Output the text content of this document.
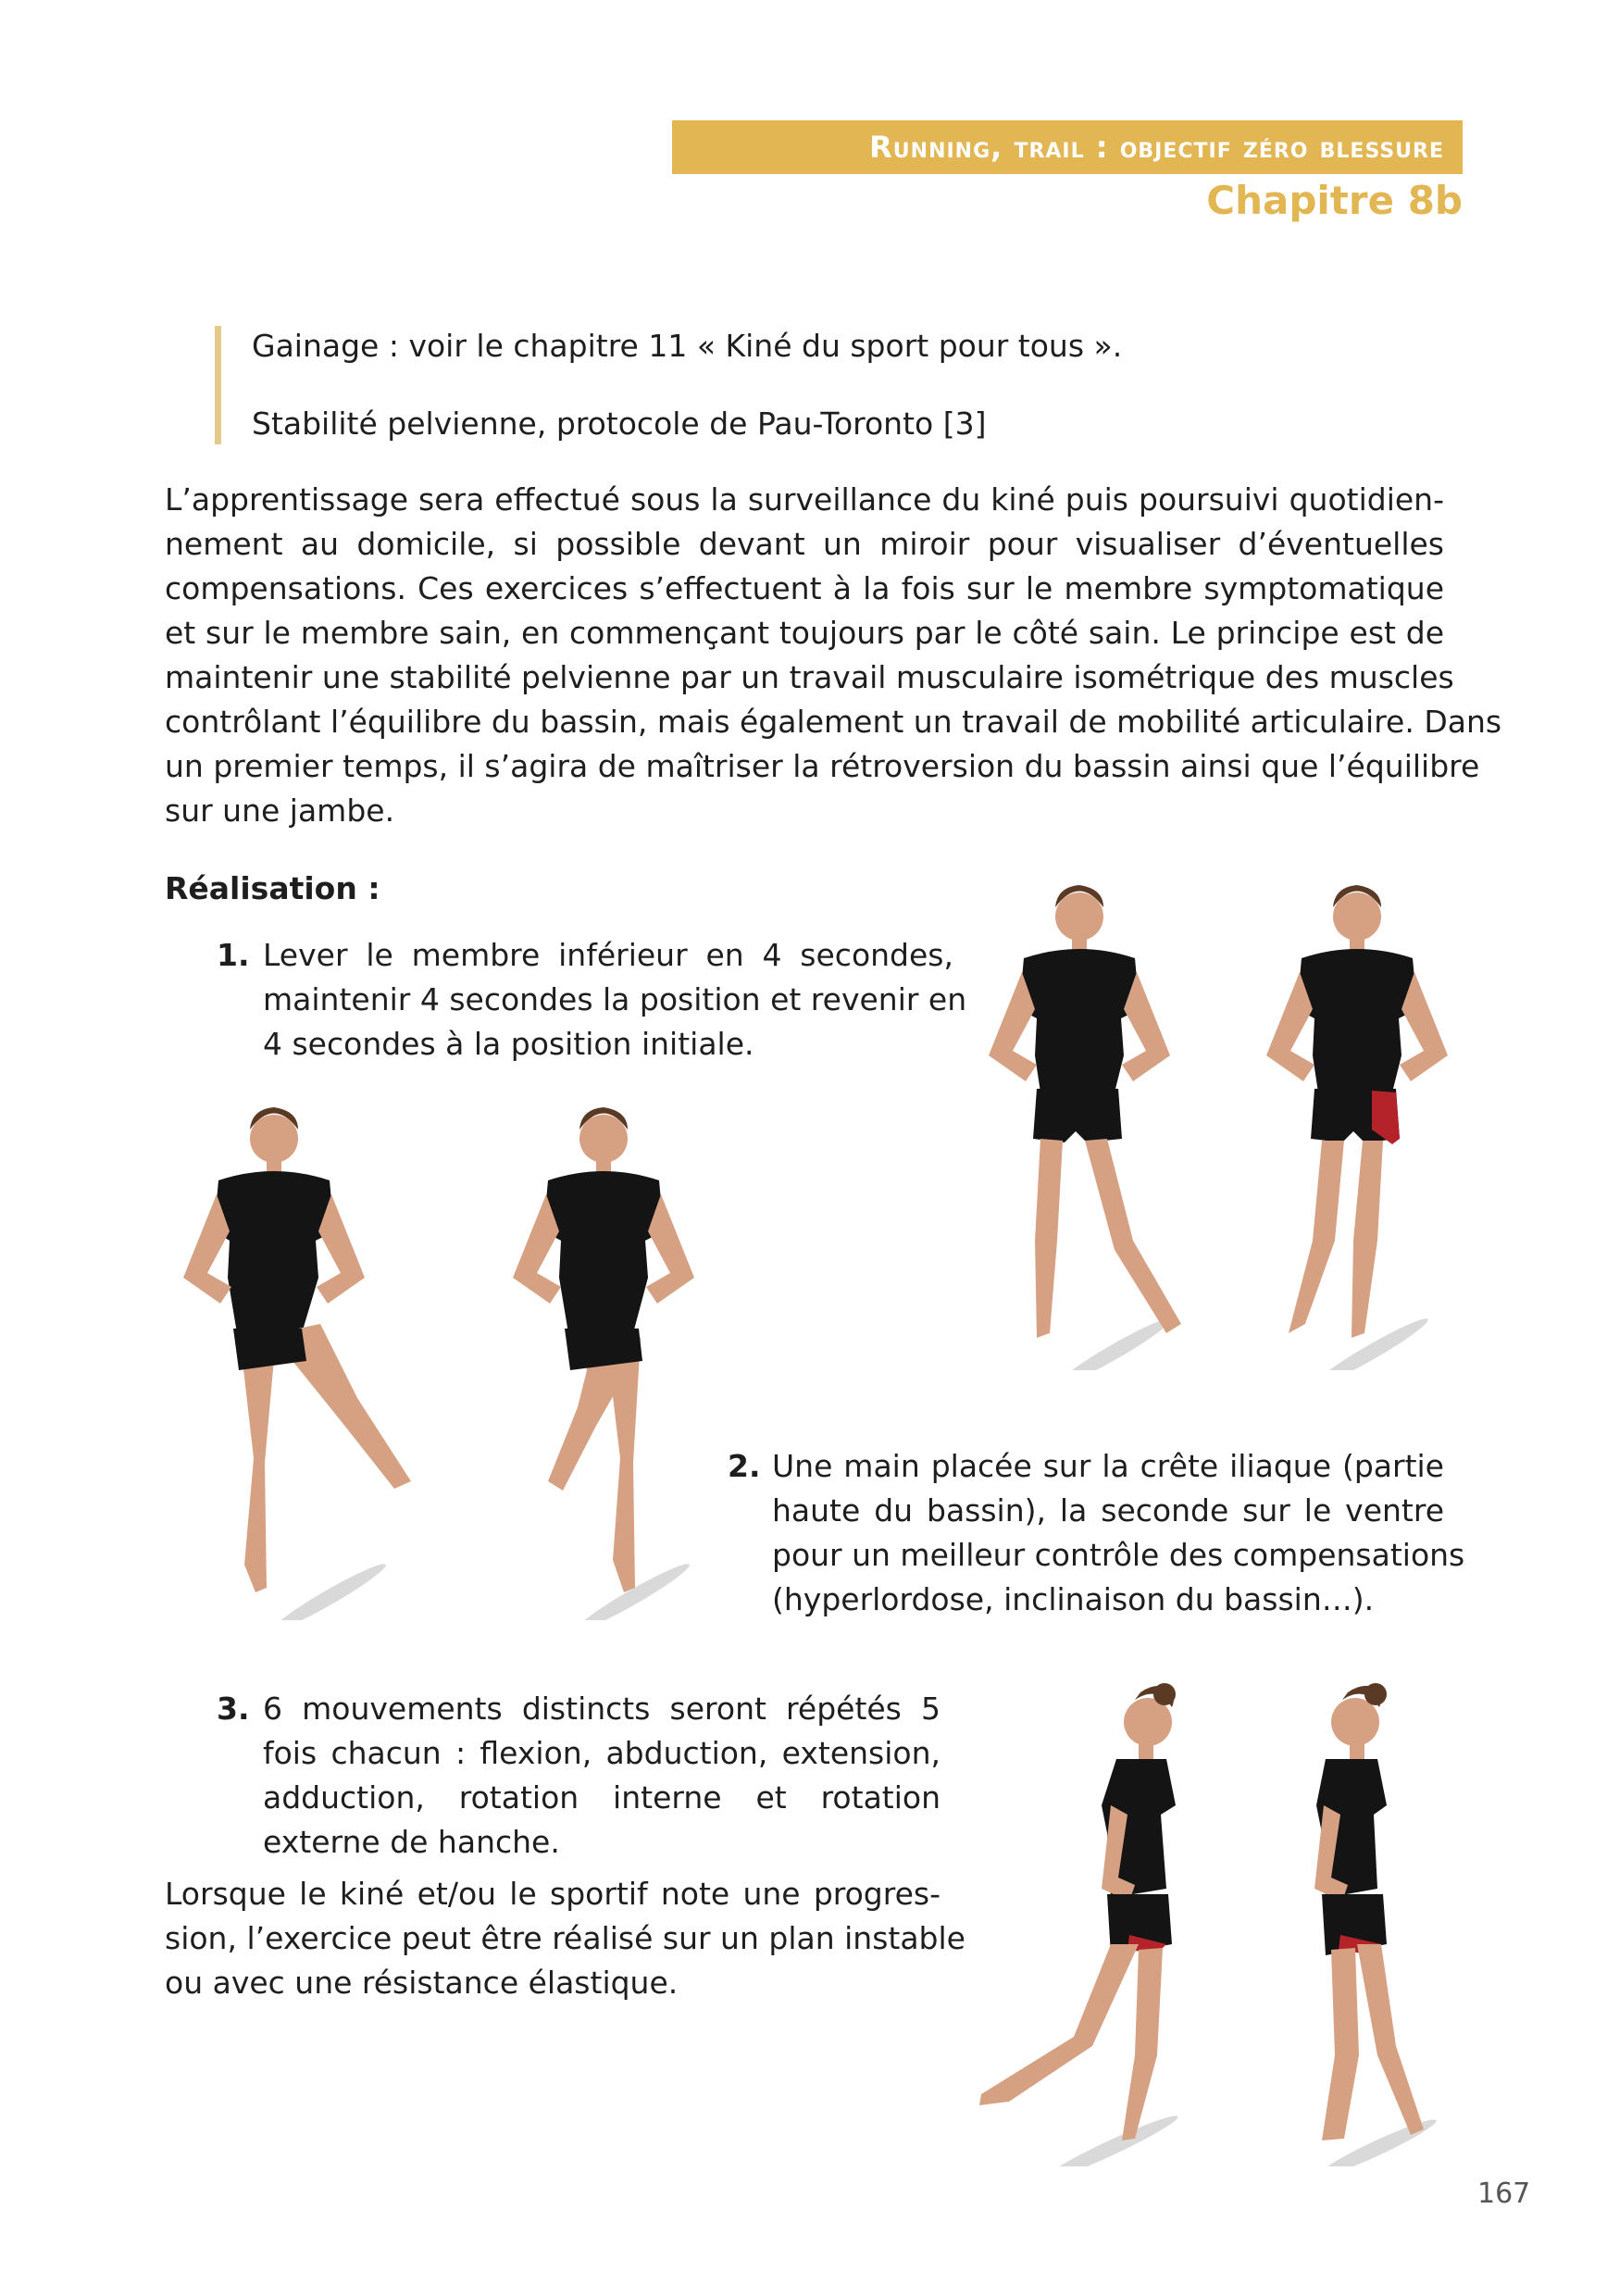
Running, trail : objectif zéro blessure
Chapitre 8b
Gainage : voir le chapitre 11 « Kiné du sport pour tous ».
Stabilité pelvienne, protocole de Pau-Toronto [3]
L’apprentissage sera effectué sous la surveillance du kiné puis poursuivi quotidien-
nement au domicile, si possible devant un miroir pour visualiser d’éventuelles
compensations. Ces exercices s’effectuent à la fois sur le membre symptomatique
et sur le membre sain, en commençant toujours par le côté sain. Le principe est de
maintenir une stabilité pelvienne par un travail musculaire isométrique des muscles
contrôlant l’équilibre du bassin, mais également un travail de mobilité articulaire. Dans
un premier temps, il s’agira de maîtriser la rétroversion du bassin ainsi que l’équilibre
sur une jambe.
Réalisation :
1. Lever le membre inférieur en 4 secondes,
maintenir 4 secondes la position et revenir en
4 secondes à la position initiale.
2. Une main placée sur la crête iliaque (partie
haute du bassin), la seconde sur le ventre
pour un meilleur contrôle des compensations
(hyperlordose, inclinaison du bassin…).
3. 6 mouvements distincts seront répétés 5
fois chacun : flexion, abduction, extension,
adduction, rotation interne et rotation
externe de hanche.
Lorsque le kiné et/ou le sportif note une progres-
sion, l’exercice peut être réalisé sur un plan instable
ou avec une résistance élastique.
167
